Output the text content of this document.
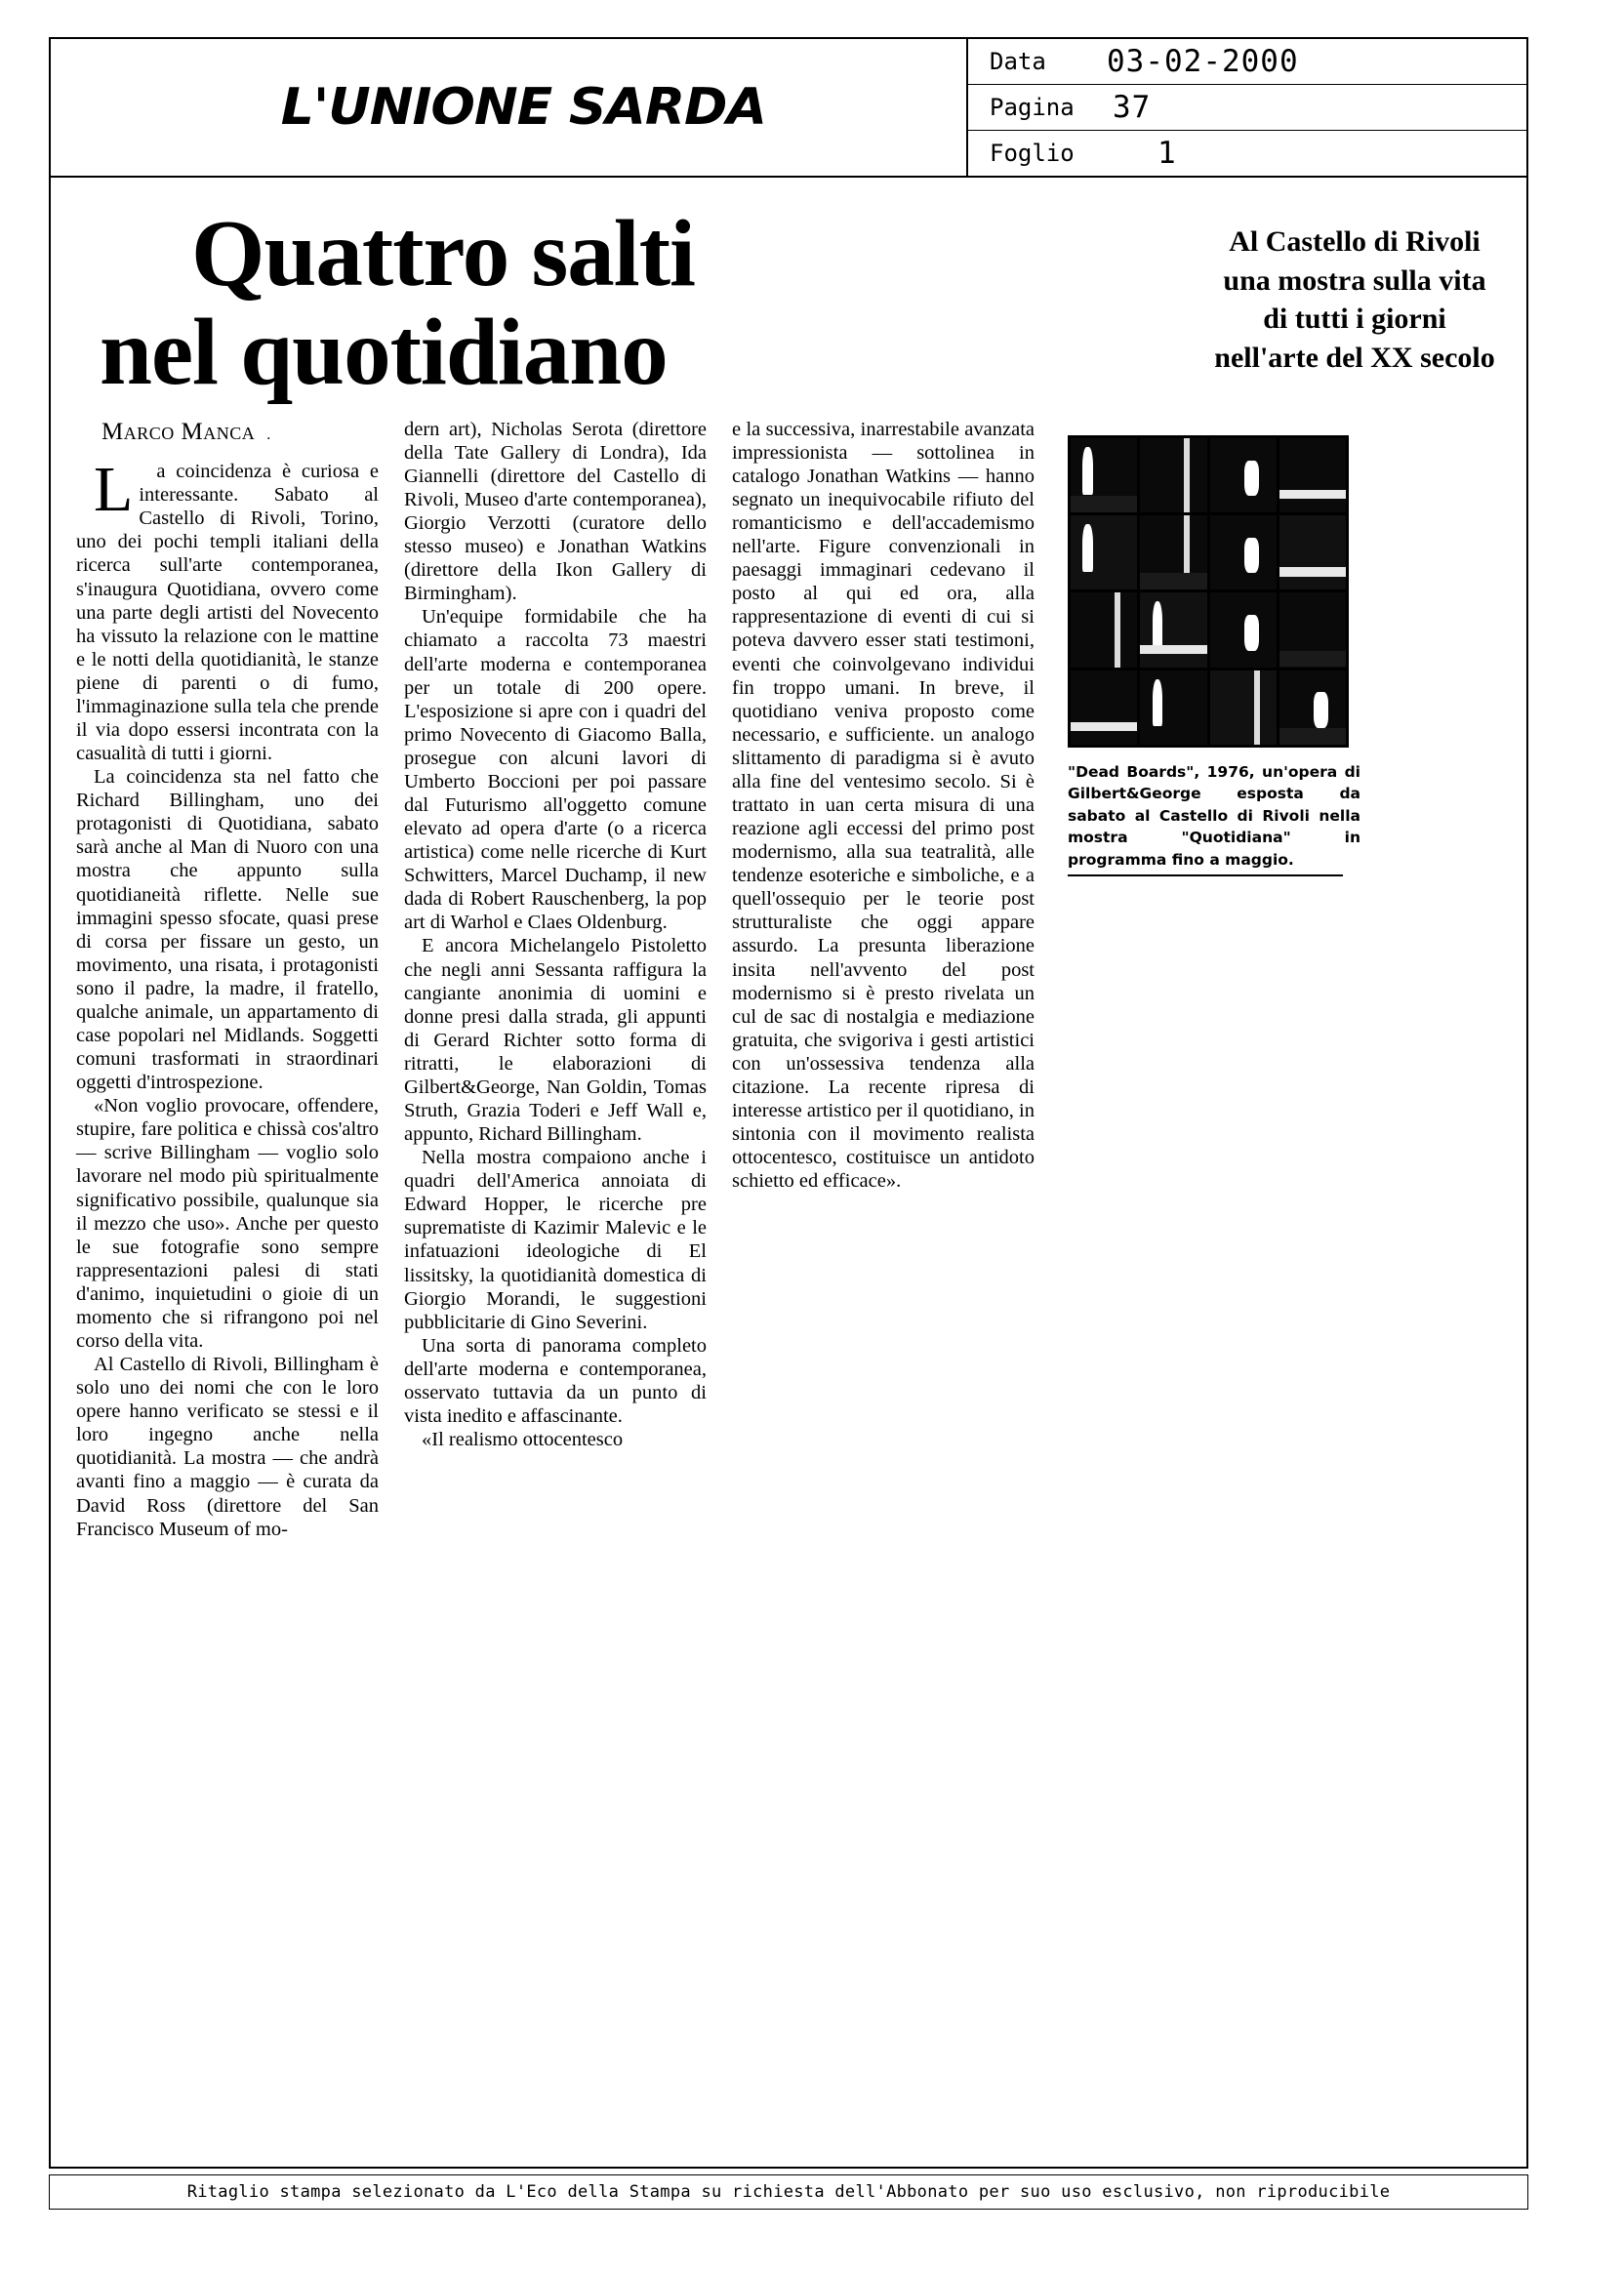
L'UNIONE SARDA
Data	03-02-2000
Pagina	37
Foglio	1
Quattro salti
nel quotidiano
Al Castello di Rivoli una mostra sulla vita di tutti i giorni nell'arte del XX secolo
Marco Manca .

L a coincidenza è curiosa e interessante. Sabato al Castello di Rivoli, Torino, uno dei pochi templi italiani della ricerca sull'arte contemporanea, s'inaugura Quotidiana, ovvero come una parte degli artisti del Novecento ha vissuto la relazione con le mattine e le notti della quotidianità, le stanze piene di parenti o di fumo, l'immaginazione sulla tela che prende il via dopo essersi incontrata con la casualità di tutti i giorni.

La coincidenza sta nel fatto che Richard Billingham, uno dei protagonisti di Quotidiana, sabato sarà anche al Man di Nuoro con una mostra che appunto sulla quotidianeità riflette. Nelle sue immagini spesso sfocate, quasi prese di corsa per fissare un gesto, un movimento, una risata, i protagonisti sono il padre, la madre, il fratello, qualche animale, un appartamento di case popolari nel Midlands. Soggetti comuni trasformati in straordinari oggetti d'introspezione.

«Non voglio provocare, offendere, stupire, fare politica e chissà cos'altro — scrive Billingham — voglio solo lavorare nel modo più spiritualmente significativo possibile, qualunque sia il mezzo che uso». Anche per questo le sue fotografie sono sempre rappresentazioni palesi di stati d'animo, inquietudini o gioie di un momento che si rifrangono poi nel corso della vita.

Al Castello di Rivoli, Billingham è solo uno dei nomi che con le loro opere hanno verificato se stessi e il loro ingegno anche nella quotidianità. La mostra — che andrà avanti fino a maggio — è curata da David Ross (direttore del San Francisco Museum of mo-

dern art), Nicholas Serota (direttore della Tate Gallery di Londra), Ida Giannelli (direttore del Castello di Rivoli, Museo d'arte contemporanea), Giorgio Verzotti (curatore dello stesso museo) e Jonathan Watkins (direttore della Ikon Gallery di Birmingham).

Un'equipe formidabile che ha chiamato a raccolta 73 maestri dell'arte moderna e contemporanea per un totale di 200 opere. L'esposizione si apre con i quadri del primo Novecento di Giacomo Balla, prosegue con alcuni lavori di Umberto Boccioni per poi passare dal Futurismo all'oggetto comune elevato ad opera d'arte (o a ricerca artistica) come nelle ricerche di Kurt Schwitters, Marcel Duchamp, il new dada di Robert Rauschenberg, la pop art di Warhol e Claes Oldenburg.

E ancora Michelangelo Pistoletto che negli anni Sessanta raffigura la cangiante anonimia di uomini e donne presi dalla strada, gli appunti di Gerard Richter sotto forma di ritratti, le elaborazioni di Gilbert&George, Nan Goldin, Tomas Struth, Grazia Toderi e Jeff Wall e, appunto, Richard Billingham.

Nella mostra compaiono anche i quadri dell'America annoiata di Edward Hopper, le ricerche pre suprematiste di Kazimir Malevic e le infatuazioni ideologiche di El lissitsky, la quotidianità domestica di Giorgio Morandi, le suggestioni pubblicitarie di Gino Severini.

Una sorta di panorama completo dell'arte moderna e contemporanea, osservato tuttavia da un punto di vista inedito e affascinante.

«Il realismo ottocentesco

e la successiva, inarrestabile avanzata impressionista — sottolinea in catalogo Jonathan Watkins — hanno segnato un inequivocabile rifiuto del romanticismo e dell'accademismo nell'arte. Figure convenzionali in paesaggi immaginari cedevano il posto al qui ed ora, alla rappresentazione di eventi di cui si poteva davvero esser stati testimoni, eventi che coinvolgevano individui fin troppo umani. In breve, il quotidiano veniva proposto come necessario, e sufficiente. un analogo slittamento di paradigma si è avuto alla fine del ventesimo secolo. Si è trattato in uan certa misura di una reazione agli eccessi del primo post modernismo, alla sua teatralità, alle tendenze esoteriche e simboliche, e a quell'ossequio per le teorie post strutturaliste che oggi appare assurdo. La presunta liberazione insita nell'avvento del post modernismo si è presto rivelata un cul de sac di nostalgia e mediazione gratuita, che svigoriva i gesti artistici con un'ossessiva tendenza alla citazione. La recente ripresa di interesse artistico per il quotidiano, in sintonia con il movimento realista ottocentesco, costituisce un antidoto schietto ed efficace».

"Dead Boards", 1976, un'opera di Gilbert&George esposta da sabato al Castello di Rivoli nella mostra "Quotidiana" in programma fino a maggio.
Ritaglio stampa selezionato da L'Eco della Stampa su richiesta dell'Abbonato per suo uso esclusivo, non riproducibile
